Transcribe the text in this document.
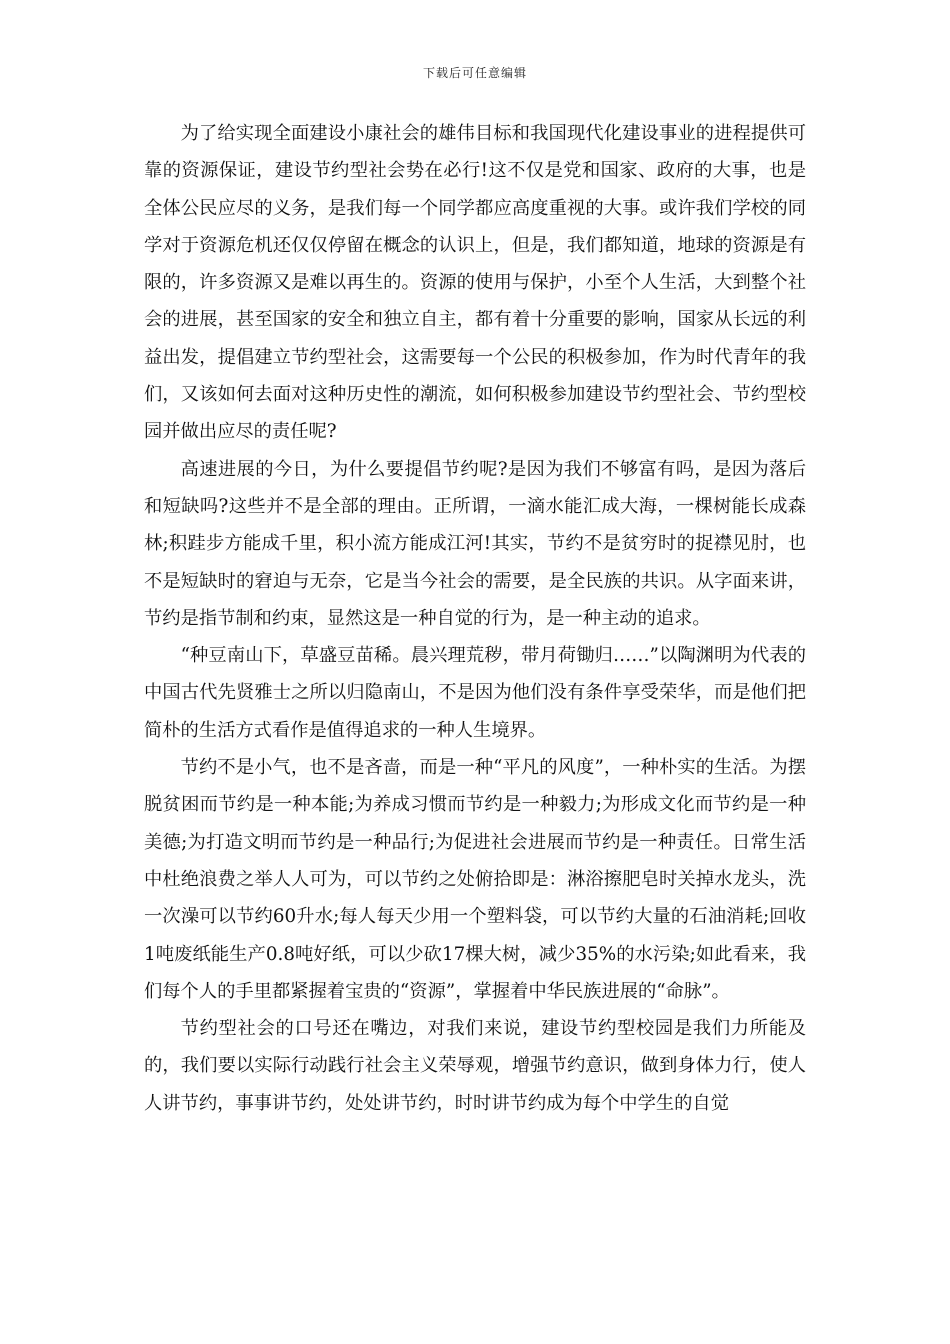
下载后可任意编辑

为了给实现全面建设小康社会的雄伟目标和我国现代化建设事业的进程提供可靠的资源保证，建设节约型社会势在必行!这不仅是党和国家、政府的大事，也是全体公民应尽的义务，是我们每一个同学都应高度重视的大事。或许我们学校的同学对于资源危机还仅仅停留在概念的认识上，但是，我们都知道，地球的资源是有限的，许多资源又是难以再生的。资源的使用与保护，小至个人生活，大到整个社会的进展，甚至国家的安全和独立自主，都有着十分重要的影响，国家从长远的利益出发，提倡建立节约型社会，这需要每一个公民的积极参加，作为时代青年的我们，又该如何去面对这种历史性的潮流，如何积极参加建设节约型社会、节约型校园并做出应尽的责任呢?

高速进展的今日，为什么要提倡节约呢?是因为我们不够富有吗，是因为落后和短缺吗?这些并不是全部的理由。正所谓，一滴水能汇成大海，一棵树能长成森林;积跬步方能成千里，积小流方能成江河!其实，节约不是贫穷时的捉襟见肘，也不是短缺时的窘迫与无奈，它是当今社会的需要，是全民族的共识。从字面来讲，节约是指节制和约束，显然这是一种自觉的行为，是一种主动的追求。

“种豆南山下，草盛豆苗稀。晨兴理荒秽，带月荷锄归……”以陶渊明为代表的中国古代先贤雅士之所以归隐南山，不是因为他们没有条件享受荣华，而是他们把简朴的生活方式看作是值得追求的一种人生境界。

节约不是小气，也不是吝啬，而是一种“平凡的风度”，一种朴实的生活。为摆脱贫困而节约是一种本能;为养成习惯而节约是一种毅力;为形成文化而节约是一种美德;为打造文明而节约是一种品行;为促进社会进展而节约是一种责任。日常生活中杜绝浪费之举人人可为，可以节约之处俯拾即是：淋浴擦肥皂时关掉水龙头，洗一次澡可以节约60升水;每人每天少用一个塑料袋，可以节约大量的石油消耗;回收1吨废纸能生产0.8吨好纸，可以少砍17棵大树，减少35%的水污染;如此看来，我们每个人的手里都紧握着宝贵的“资源”，掌握着中华民族进展的“命脉”。

节约型社会的口号还在嘴边，对我们来说，建设节约型校园是我们力所能及的，我们要以实际行动践行社会主义荣辱观，增强节约意识，做到身体力行，使人人讲节约，事事讲节约，处处讲节约，时时讲节约成为每个中学生的自觉
